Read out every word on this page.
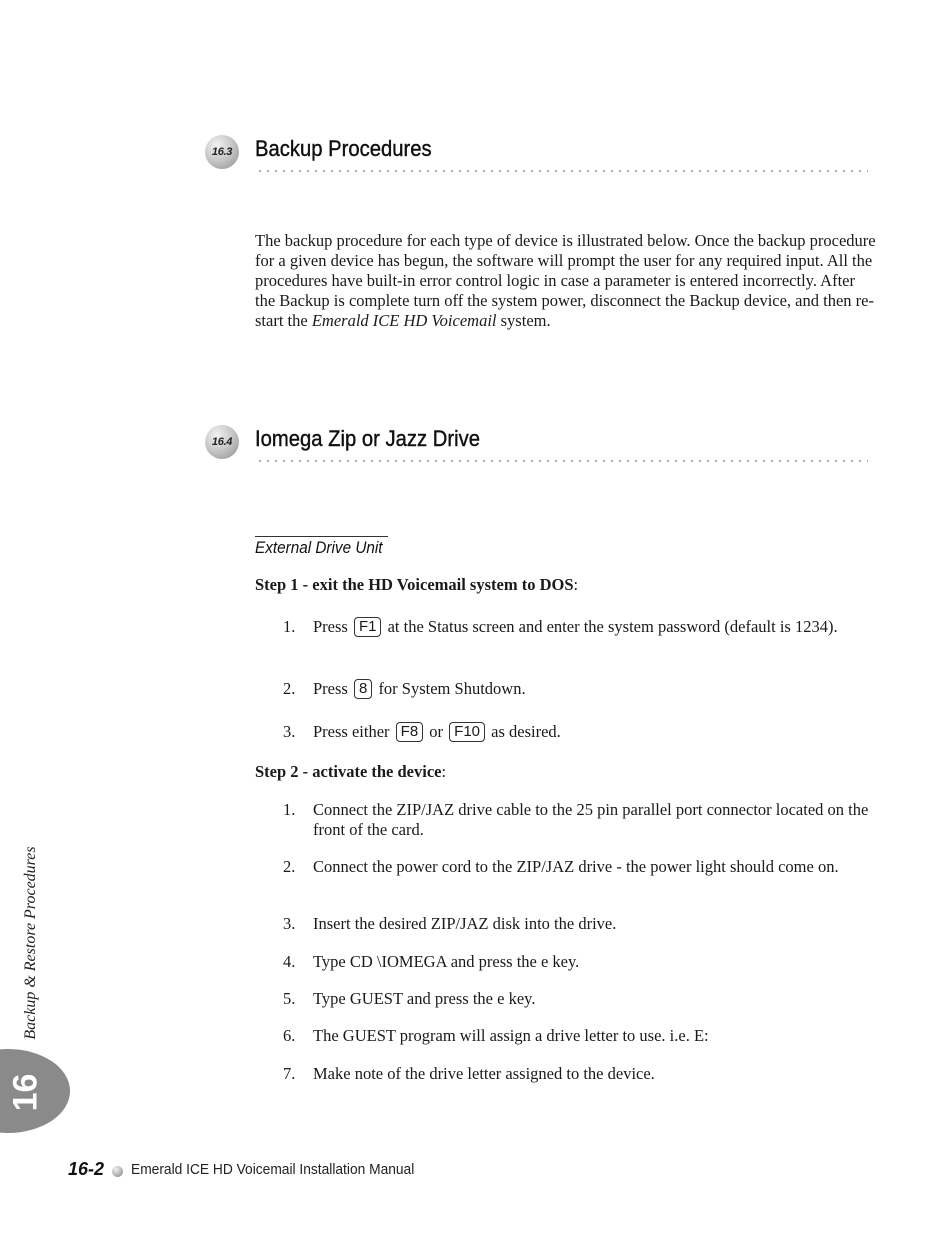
16.3	Backup Procedures

The backup procedure for each type of device is illustrated below. Once the backup procedure for a given device has begun, the software will prompt the user for any required input. All the procedures have built-in error control logic in case a parameter is entered incorrectly. After the Backup is complete turn off the system power, disconnect the Backup device, and then re-start the Emerald ICE HD Voicemail system.

16.4	Iomega Zip or Jazz Drive
External Drive Unit

Step 1 - exit the HD Voicemail system to DOS:

1. Press F1 at the Status screen and enter the system password (default is 1234).
2. Press 8 for System Shutdown.
3. Press either F8 or F10 as desired.

Step 2 - activate the device:

1. Connect the ZIP/JAZ drive cable to the 25 pin parallel port connector located on the front of the card.
2. Connect the power cord to the ZIP/JAZ drive - the power light should come on.
3. Insert the desired ZIP/JAZ disk into the drive.
4. Type CD \IOMEGA and press the e key.
5. Type GUEST and press the e key.
6. The GUEST program will assign a drive letter to use. i.e. E:
7. Make note of the drive letter assigned to the device.
Backup & Restore Procedures
16
16-2 Emerald ICE HD Voicemail Installation Manual
